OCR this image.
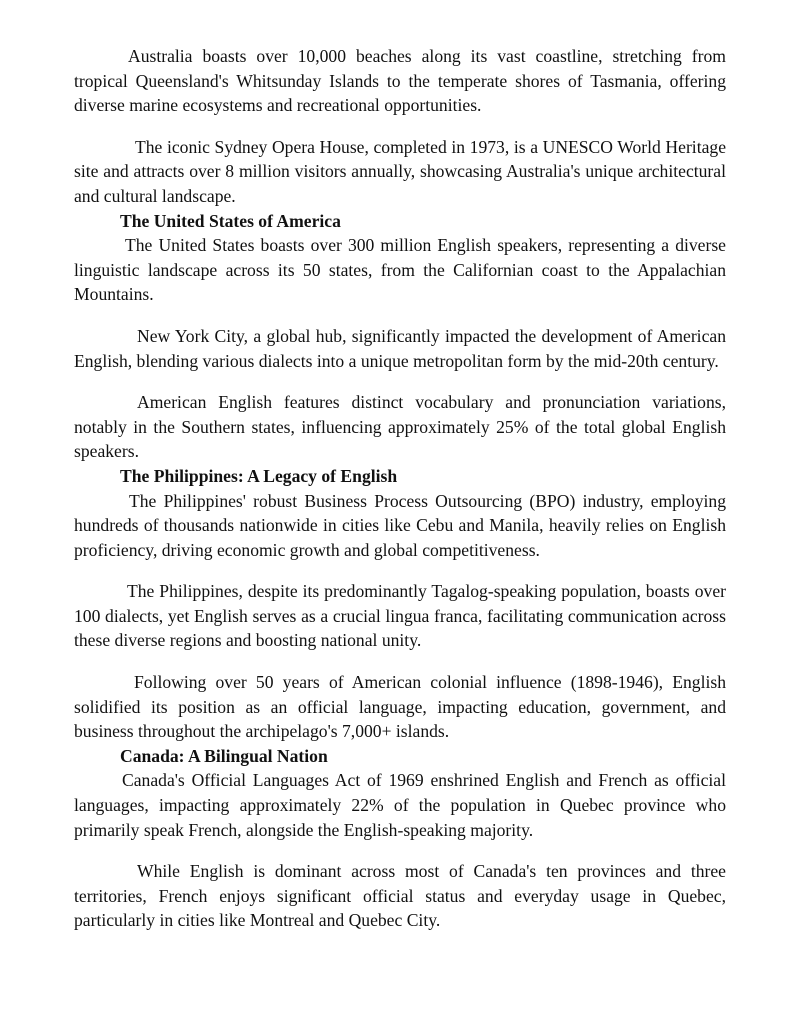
Australia boasts over 10,000 beaches along its vast coastline, stretching from tropical Queensland's Whitsunday Islands to the temperate shores of Tasmania, offering diverse marine ecosystems and recreational opportunities.

The iconic Sydney Opera House, completed in 1973, is a UNESCO World Heritage site and attracts over 8 million visitors annually, showcasing Australia's unique architectural and cultural landscape.

The United States of America

The United States boasts over 300 million English speakers, representing a diverse linguistic landscape across its 50 states, from the Californian coast to the Appalachian Mountains.

New York City, a global hub, significantly impacted the development of American English, blending various dialects into a unique metropolitan form by the mid-20th century.

American English features distinct vocabulary and pronunciation variations, notably in the Southern states, influencing approximately 25% of the total global English speakers.

The Philippines: A Legacy of English

The Philippines' robust Business Process Outsourcing (BPO) industry, employing hundreds of thousands nationwide in cities like Cebu and Manila, heavily relies on English proficiency, driving economic growth and global competitiveness.

The Philippines, despite its predominantly Tagalog-speaking population, boasts over 100 dialects, yet English serves as a crucial lingua franca, facilitating communication across these diverse regions and boosting national unity.

Following over 50 years of American colonial influence (1898-1946), English solidified its position as an official language, impacting education, government, and business throughout the archipelago's 7,000+ islands.

Canada: A Bilingual Nation

Canada's Official Languages Act of 1969 enshrined English and French as official languages, impacting approximately 22% of the population in Quebec province who primarily speak French, alongside the English-speaking majority.

While English is dominant across most of Canada's ten provinces and three territories, French enjoys significant official status and everyday usage in Quebec, particularly in cities like Montreal and Quebec City.
